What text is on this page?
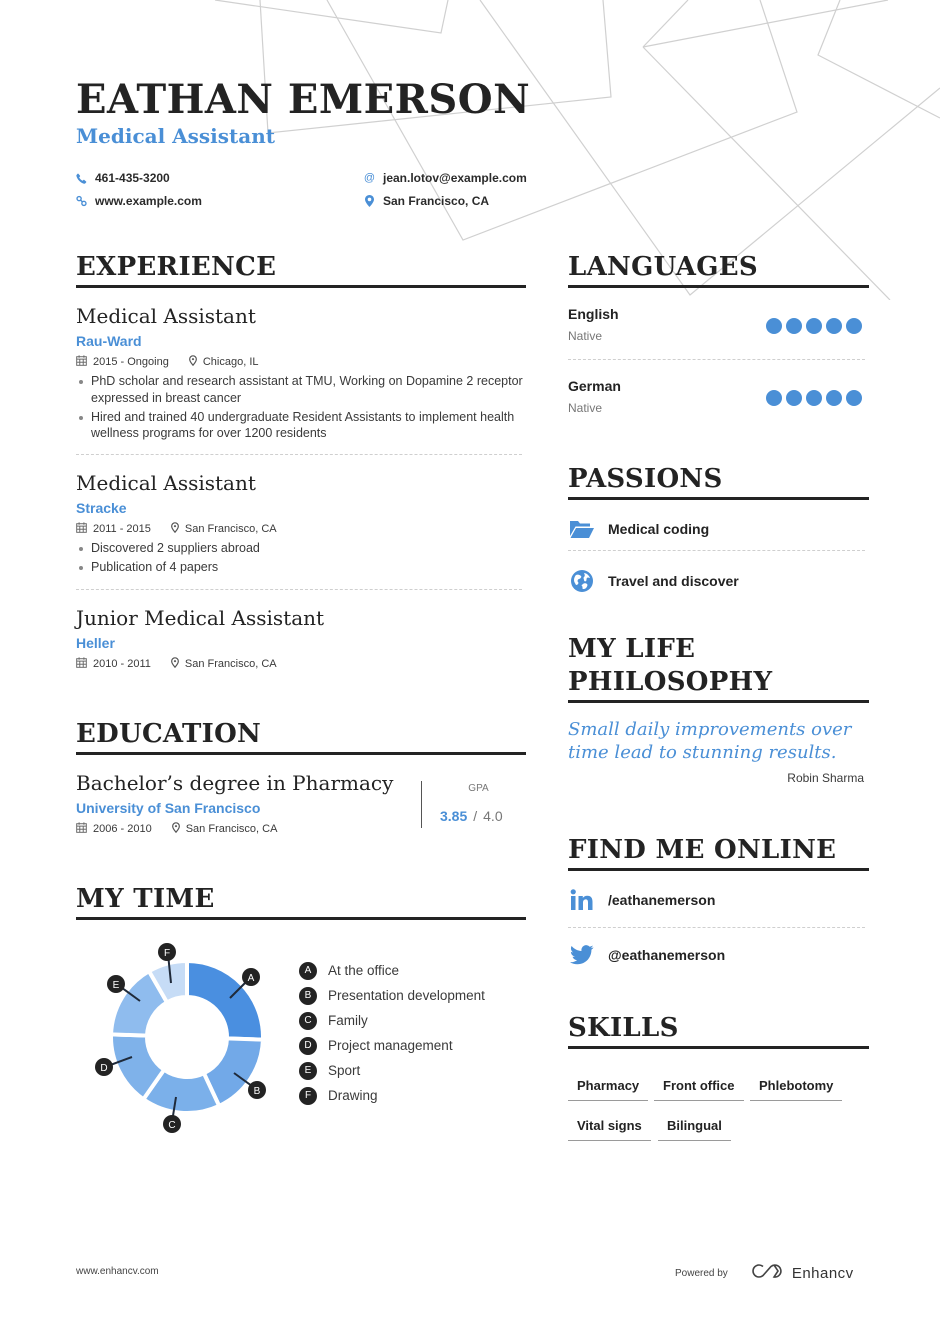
EATHAN EMERSON
Medical Assistant
461-435-3200
www.example.com
@ jean.lotov@example.com
San Francisco, CA
EXPERIENCE
Medical Assistant
Rau-Ward
2015 - Ongoing	Chicago, IL
PhD scholar and research assistant at TMU, Working on Dopamine 2 receptor expressed in breast cancer
Hired and trained 40 undergraduate Resident Assistants to implement health wellness programs for over 1200 residents
Medical Assistant
Stracke
2011 - 2015	San Francisco, CA
Discovered 2 suppliers abroad
Publication of 4 papers
Junior Medical Assistant
Heller
2010 - 2011	San Francisco, CA
EDUCATION
Bachelor’s degree in Pharmacy
University of San Francisco
2006 - 2010	San Francisco, CA
GPA
3.85 / 4.0
MY TIME
A
B
C
D
E
F
A	At the office
B	Presentation development
C	Family
D	Project management
E	Sport
F	Drawing
LANGUAGES
English
Native
German
Native
PASSIONS
Medical coding
Travel and discover
MY LIFE
PHILOSOPHY
Small daily improvements over time lead to stunning results.
Robin Sharma
FIND ME ONLINE
/eathanemerson
@eathanemerson
SKILLS
Pharmacy	Front office	Phlebotomy
Vital signs	Bilingual
www.enhancv.com	Powered by	Enhancv
